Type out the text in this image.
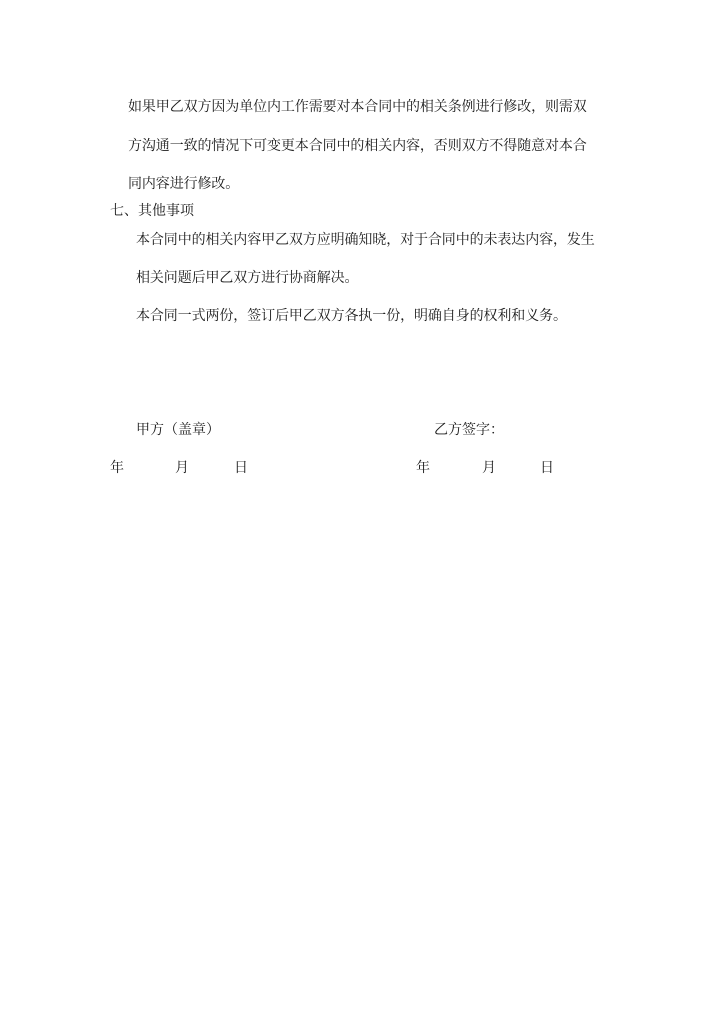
如果甲乙双方因为单位内工作需要对本合同中的相关条例进行修改，则需双
方沟通一致的情况下可变更本合同中的相关内容，否则双方不得随意对本合
同内容进行修改。
七、其他事项
本合同中的相关内容甲乙双方应明确知晓，对于合同中的未表达内容，发生
相关问题后甲乙双方进行协商解决。
本合同一式两份，签订后甲乙双方各执一份，明确自身的权利和义务。
甲方（盖章）	乙方签字：
年	月	日	年	月	日
